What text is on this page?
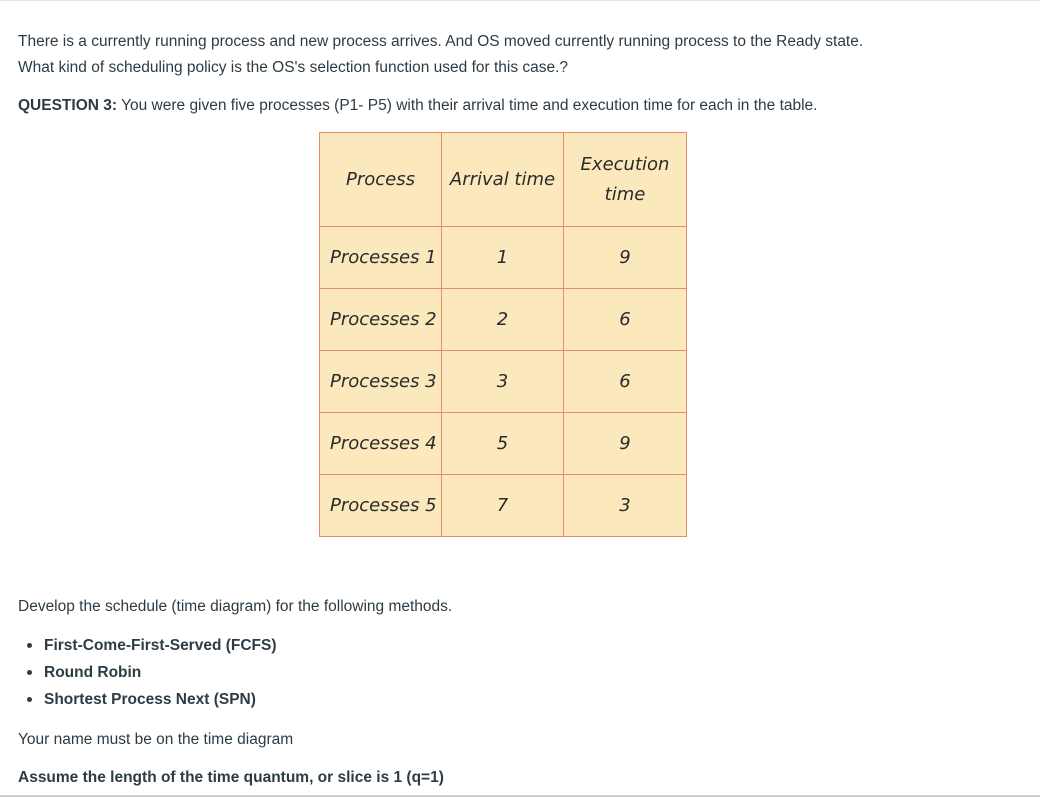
There is a currently running process and new process arrives. And OS moved currently running process to the Ready state.
What kind of scheduling policy is the OS's selection function used for this case.?

QUESTION 3: You were given five processes (P1- P5) with their arrival time and execution time for each in the table.

Process	Arrival time	Execution
time
Processes 1	1	9
Processes 2	2	6
Processes 3	3	6
Processes 4	5	9
Processes 5	7	3

Develop the schedule (time diagram) for the following methods.

First-Come-First-Served (FCFS)
Round Robin
Shortest Process Next (SPN)

Your name must be on the time diagram

Assume the length of the time quantum, or slice is 1 (q=1)
